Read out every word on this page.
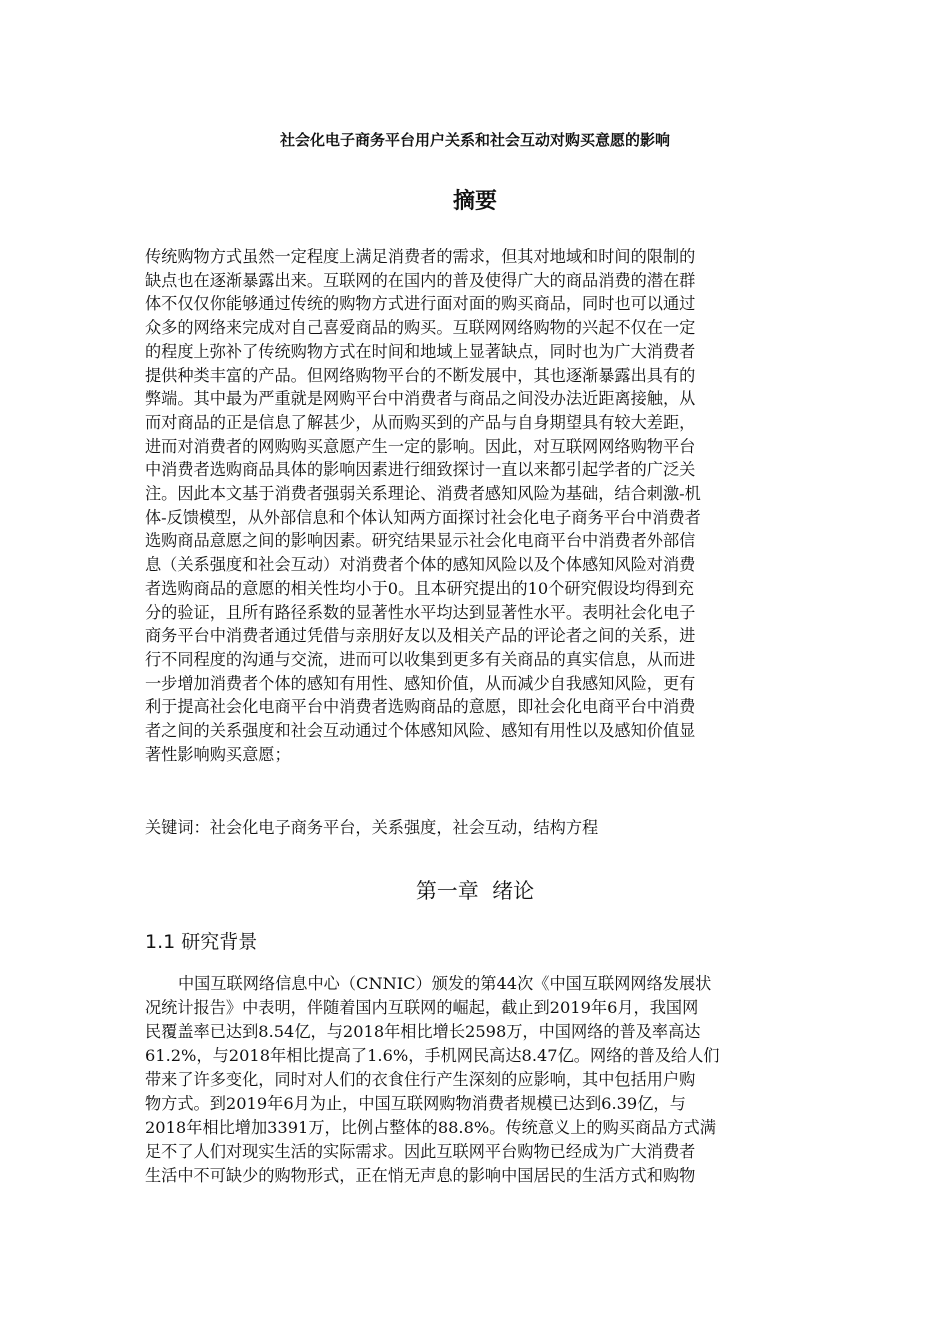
社会化电子商务平台用户关系和社会互动对购买意愿的影响
摘要

传统购物方式虽然一定程度上满足消费者的需求，但其对地域和时间的限制的
缺点也在逐渐暴露出来。互联网的在国内的普及使得广大的商品消费的潜在群
体不仅仅你能够通过传统的购物方式进行面对面的购买商品，同时也可以通过
众多的网络来完成对自己喜爱商品的购买。互联网网络购物的兴起不仅在一定
的程度上弥补了传统购物方式在时间和地域上显著缺点，同时也为广大消费者
提供种类丰富的产品。但网络购物平台的不断发展中，其也逐渐暴露出具有的
弊端。其中最为严重就是网购平台中消费者与商品之间没办法近距离接触，从
而对商品的正是信息了解甚少，从而购买到的产品与自身期望具有较大差距，
进而对消费者的网购购买意愿产生一定的影响。因此，对互联网网络购物平台
中消费者选购商品具体的影响因素进行细致探讨一直以来都引起学者的广泛关
注。因此本文基于消费者强弱关系理论、消费者感知风险为基础，结合刺激-机
体-反馈模型，从外部信息和个体认知两方面探讨社会化电子商务平台中消费者
选购商品意愿之间的影响因素。研究结果显示社会化电商平台中消费者外部信
息（关系强度和社会互动）对消费者个体的感知风险以及个体感知风险对消费
者选购商品的意愿的相关性均小于0。且本研究提出的10个研究假设均得到充
分的验证，且所有路径系数的显著性水平均达到显著性水平。表明社会化电子
商务平台中消费者通过凭借与亲朋好友以及相关产品的评论者之间的关系，进
行不同程度的沟通与交流，进而可以收集到更多有关商品的真实信息，从而进
一步增加消费者个体的感知有用性、感知价值，从而减少自我感知风险，更有
利于提高社会化电商平台中消费者选购商品的意愿，即社会化电商平台中消费
者之间的关系强度和社会互动通过个体感知风险、感知有用性以及感知价值显
著性影响购买意愿；

关键词：社会化电子商务平台，关系强度，社会互动，结构方程

第一章  绪论
1.1 研究背景

中国互联网络信息中心（CNNIC）颁发的第44次《中国互联网网络发展状
况统计报告》中表明，伴随着国内互联网的崛起，截止到2019年6月，我国网
民覆盖率已达到8.54亿，与2018年相比增长2598万，中国网络的普及率高达
61.2%，与2018年相比提高了1.6%，手机网民高达8.47亿。网络的普及给人们
带来了许多变化，同时对人们的衣食住行产生深刻的应影响，其中包括用户购
物方式。到2019年6月为止，中国互联网购物消费者规模已达到6.39亿，与
2018年相比增加3391万，比例占整体的88.8%。传统意义上的购买商品方式满
足不了人们对现实生活的实际需求。因此互联网平台购物已经成为广大消费者
生活中不可缺少的购物形式，正在悄无声息的影响中国居民的生活方式和购物
